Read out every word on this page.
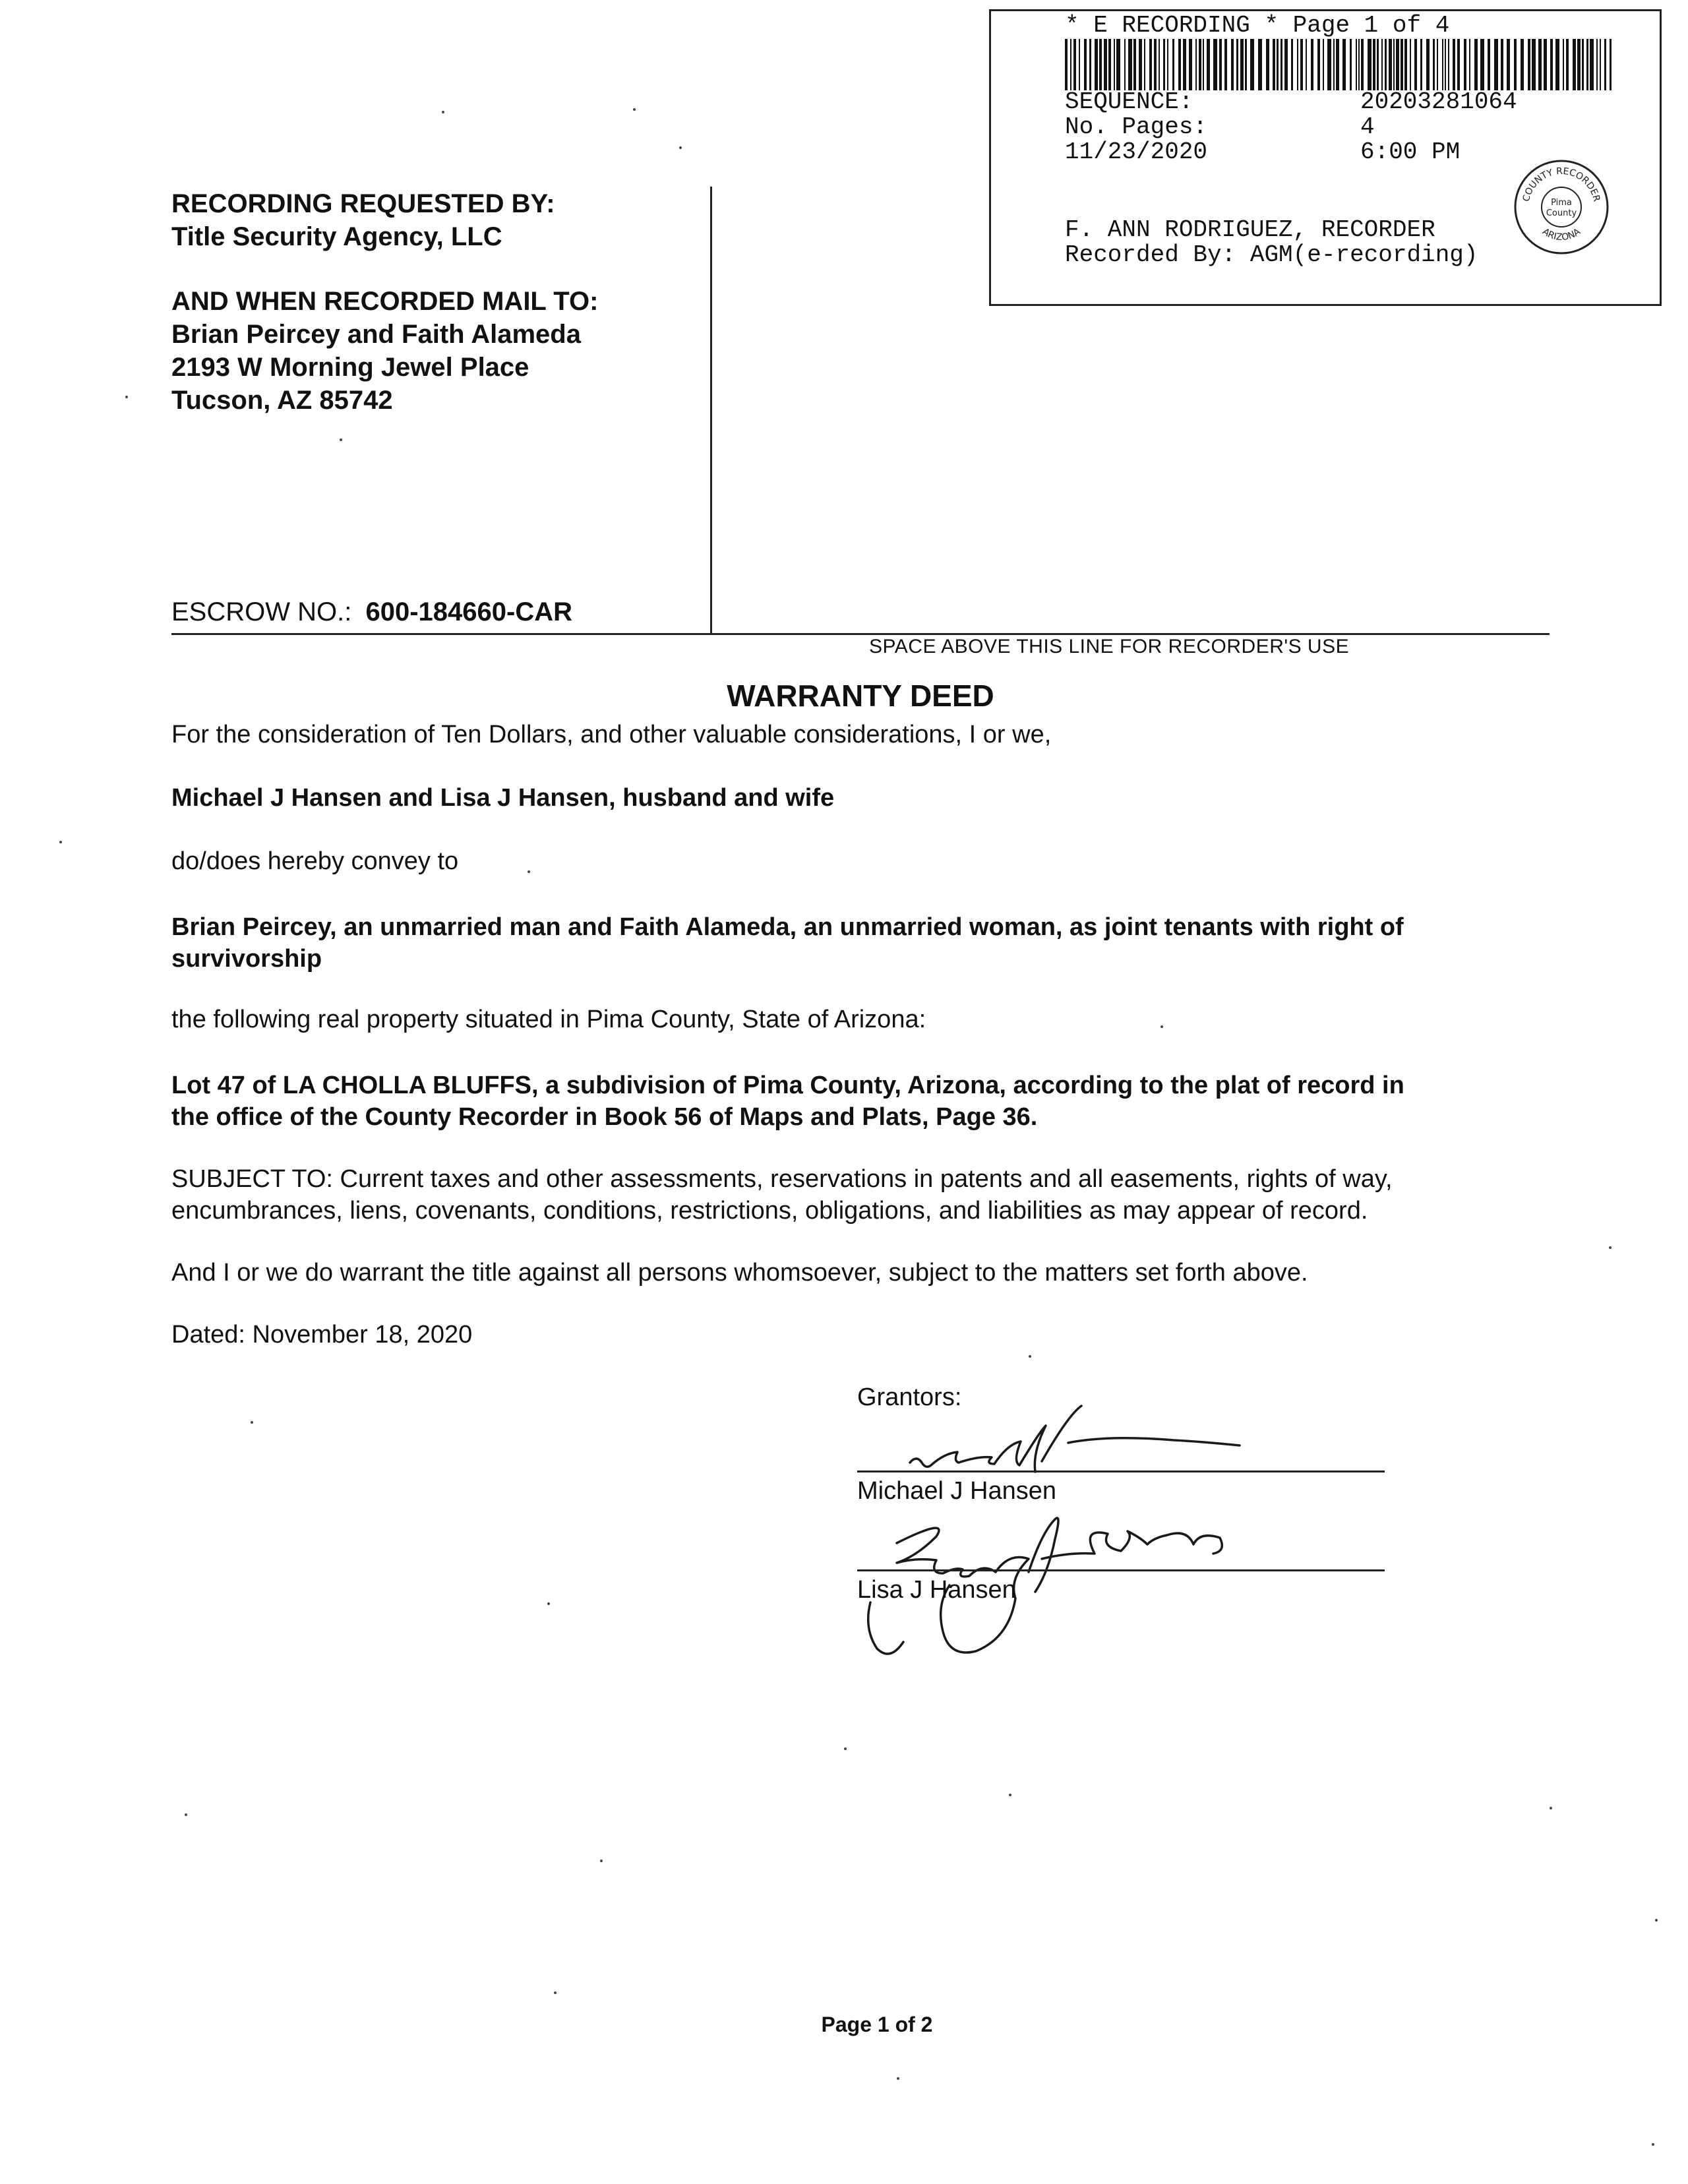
* E RECORDING * Page 1 of 4
SEQUENCE:	20203281064
No. Pages:	4
11/23/2020	6:00 PM
F. ANN RODRIGUEZ, RECORDER
Recorded By: AGM(e-recording)
COUNTY RECORDER
ARIZONA
Pima
County
RECORDING REQUESTED BY:
Title Security Agency, LLC
AND WHEN RECORDED MAIL TO:
Brian Peircey and Faith Alameda
2193 W Morning Jewel Place
Tucson, AZ 85742
ESCROW NO.: 600-184660-CAR
SPACE ABOVE THIS LINE FOR RECORDER'S USE
WARRANTY DEED
For the consideration of Ten Dollars, and other valuable considerations, I or we,
Michael J Hansen and Lisa J Hansen, husband and wife
do/does hereby convey to
Brian Peircey, an unmarried man and Faith Alameda, an unmarried woman, as joint tenants with right of
survivorship
the following real property situated in Pima County, State of Arizona:
Lot 47 of LA CHOLLA BLUFFS, a subdivision of Pima County, Arizona, according to the plat of record in
the office of the County Recorder in Book 56 of Maps and Plats, Page 36.
SUBJECT TO: Current taxes and other assessments, reservations in patents and all easements, rights of way,
encumbrances, liens, covenants, conditions, restrictions, obligations, and liabilities as may appear of record.
And I or we do warrant the title against all persons whomsoever, subject to the matters set forth above.
Dated: November 18, 2020
Grantors:
Michael J Hansen
Lisa J Hansen
Page 1 of 2
